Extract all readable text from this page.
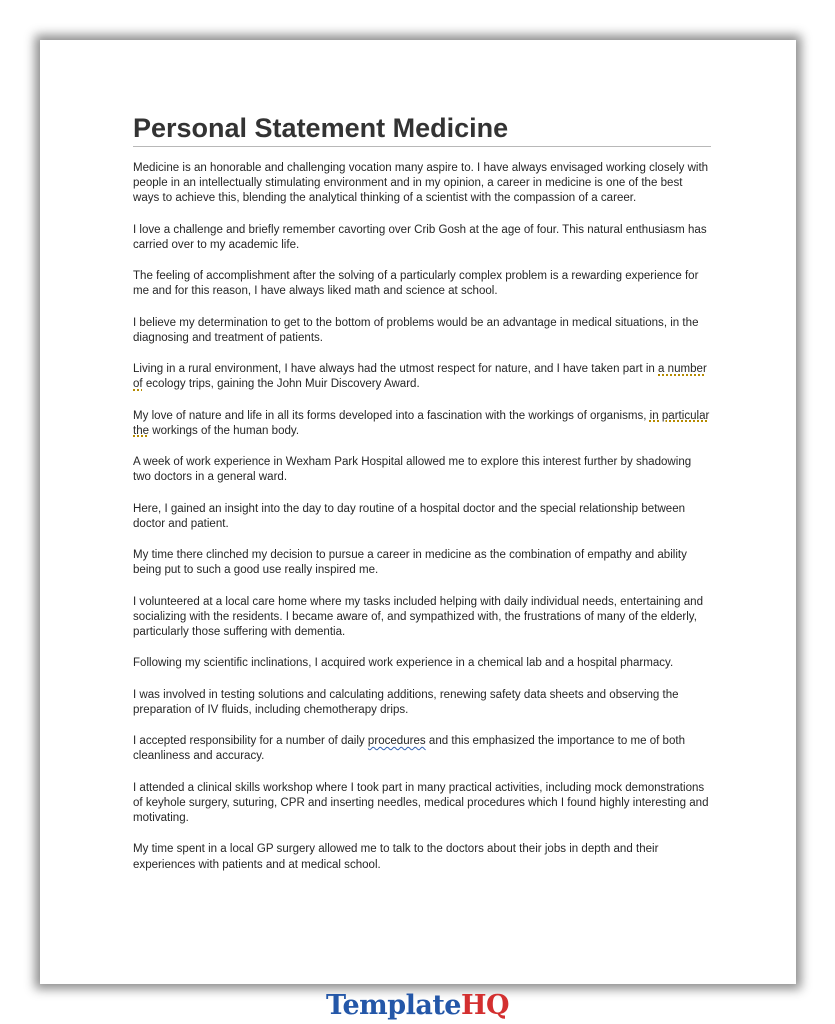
Personal Statement Medicine

Medicine is an honorable and challenging vocation many aspire to. I have always envisaged working closely with people in an intellectually stimulating environment and in my opinion, a career in medicine is one of the best ways to achieve this, blending the analytical thinking of a scientist with the compassion of a career.

I love a challenge and briefly remember cavorting over Crib Gosh at the age of four. This natural enthusiasm has carried over to my academic life.

The feeling of accomplishment after the solving of a particularly complex problem is a rewarding experience for me and for this reason, I have always liked math and science at school.

I believe my determination to get to the bottom of problems would be an advantage in medical situations, in the diagnosing and treatment of patients.

Living in a rural environment, I have always had the utmost respect for nature, and I have taken part in a number of ecology trips, gaining the John Muir Discovery Award.

My love of nature and life in all its forms developed into a fascination with the workings of organisms, in particular the workings of the human body.

A week of work experience in Wexham Park Hospital allowed me to explore this interest further by shadowing two doctors in a general ward.

Here, I gained an insight into the day to day routine of a hospital doctor and the special relationship between doctor and patient.

My time there clinched my decision to pursue a career in medicine as the combination of empathy and ability being put to such a good use really inspired me.

I volunteered at a local care home where my tasks included helping with daily individual needs, entertaining and socializing with the residents. I became aware of, and sympathized with, the frustrations of many of the elderly, particularly those suffering with dementia.

Following my scientific inclinations, I acquired work experience in a chemical lab and a hospital pharmacy.

I was involved in testing solutions and calculating additions, renewing safety data sheets and observing the preparation of IV fluids, including chemotherapy drips.

I accepted responsibility for a number of daily procedures and this emphasized the importance to me of both cleanliness and accuracy.

I attended a clinical skills workshop where I took part in many practical activities, including mock demonstrations of keyhole surgery, suturing, CPR and inserting needles, medical procedures which I found highly interesting and motivating.

My time spent in a local GP surgery allowed me to talk to the doctors about their jobs in depth and their experiences with patients and at medical school.

TemplateHQ
